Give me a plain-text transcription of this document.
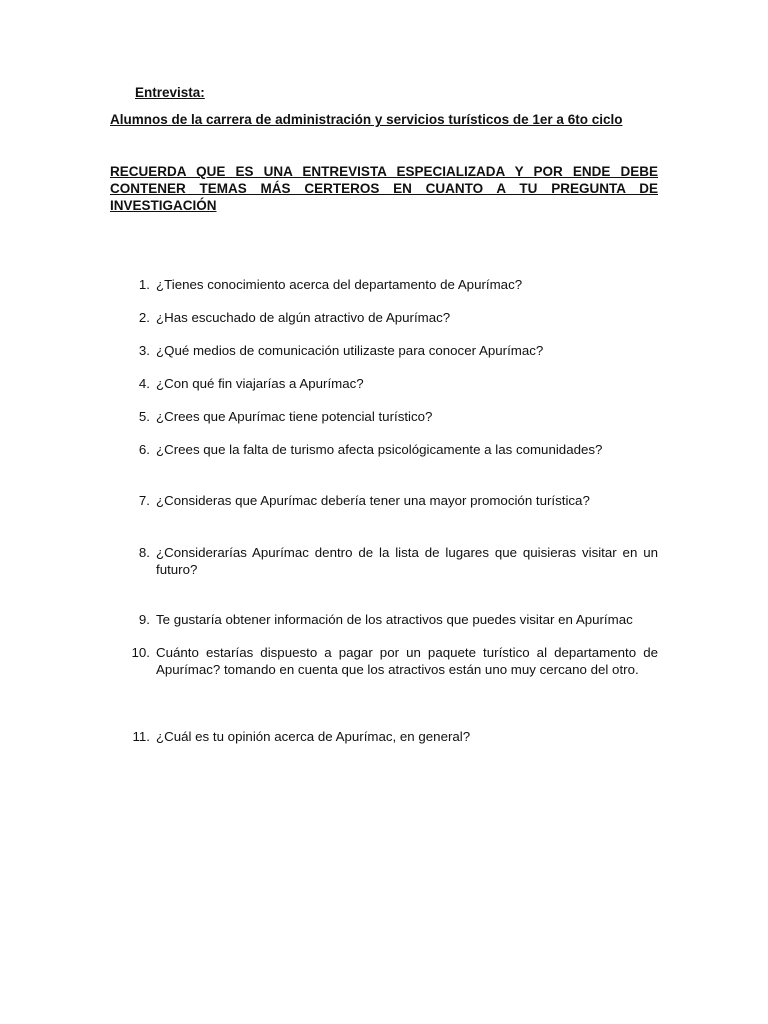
Entrevista:
Alumnos de la carrera de administración y servicios turísticos de 1er a 6to ciclo
RECUERDA QUE ES UNA ENTREVISTA ESPECIALIZADA Y POR ENDE DEBE CONTENER TEMAS MÁS CERTEROS EN CUANTO A TU PREGUNTA DE INVESTIGACIÓN
1. ¿Tienes conocimiento acerca del departamento de Apurímac?
2. ¿Has escuchado de algún atractivo de Apurímac?
3. ¿Qué medios de comunicación utilizaste para conocer Apurímac?
4. ¿Con qué fin viajarías a Apurímac?
5. ¿Crees que Apurímac tiene potencial turístico?
6. ¿Crees que la falta de turismo afecta psicológicamente a las comunidades?
7. ¿Consideras que Apurímac debería tener una mayor promoción turística?
8. ¿Considerarías Apurímac dentro de la lista de lugares que quisieras visitar en un futuro?
9. Te gustaría obtener información de los atractivos que puedes visitar en Apurímac
10. Cuánto estarías dispuesto a pagar por un paquete turístico al departamento de Apurímac? tomando en cuenta que los atractivos están uno muy cercano del otro.
11. ¿Cuál es tu opinión acerca de Apurímac, en general?
